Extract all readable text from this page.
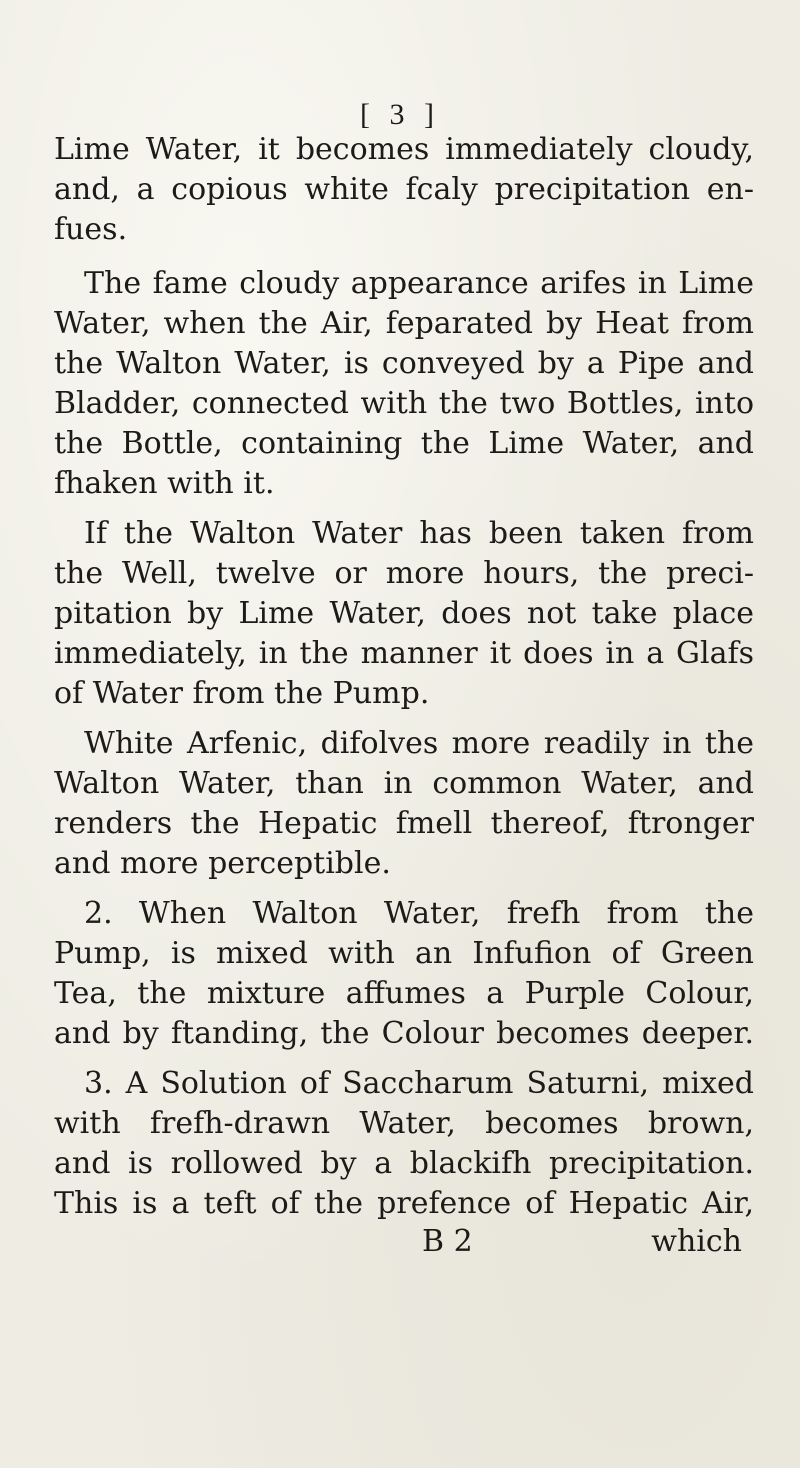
[ 3 ]
Lime Water, it becomes immediately cloudy,
and, a copious white fcaly precipitation en-
fues.
The fame cloudy appearance arifes in Lime
Water, when the Air, feparated by Heat from
the Walton Water, is conveyed by a Pipe and
Bladder, connected with the two Bottles, into
the Bottle, containing the Lime Water, and
fhaken with it.
If the Walton Water has been taken from
the Well, twelve or more hours, the preci-
pitation by Lime Water, does not take place
immediately, in the manner it does in a Glafs
of Water from the Pump.
White Arfenic, difolves more readily in the
Walton Water, than in common Water, and
renders the Hepatic fmell thereof, ftronger
and more perceptible.
2. When Walton Water, frefh from the
Pump, is mixed with an Infufion of Green
Tea, the mixture affumes a Purple Colour,
and by ftanding, the Colour becomes deeper.
3. A Solution of Saccharum Saturni, mixed
with frefh-drawn Water, becomes brown,
and is rollowed by a blackifh precipitation.
This is a teft of the prefence of Hepatic Air,
B 2	which
